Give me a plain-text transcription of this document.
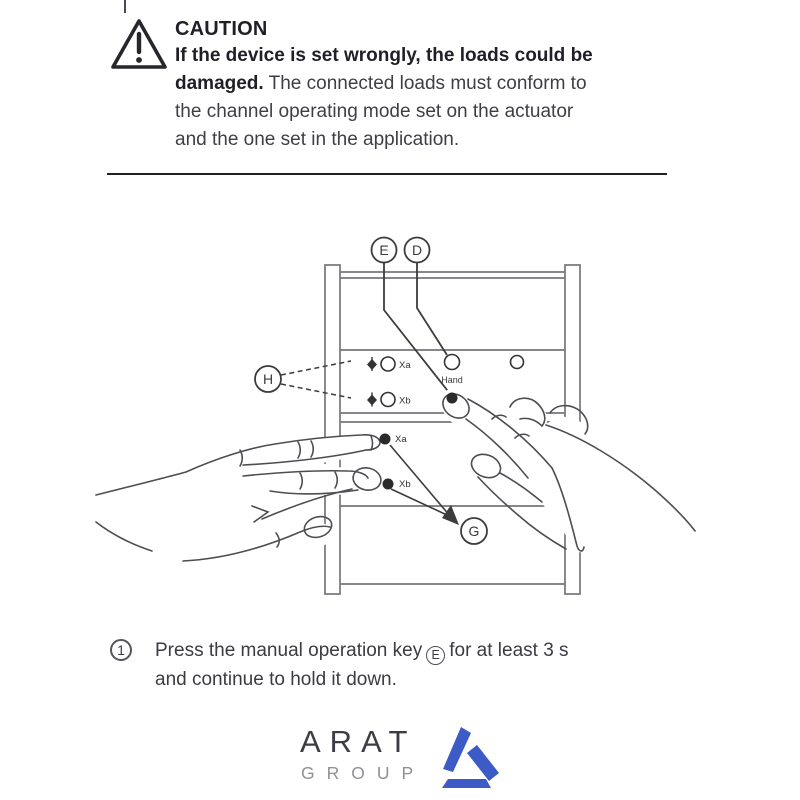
CAUTION
If the device is set wrongly, the loads could be
damaged. The connected loads must conform to
the channel operating mode set on the actuator
and the one set in the application.
Xa
Xb
Hand
E D
H
Xa
Xb
G
1	Press the manual operation key E for at least 3 s
and continue to hold it down.
ARAT
GROUP
